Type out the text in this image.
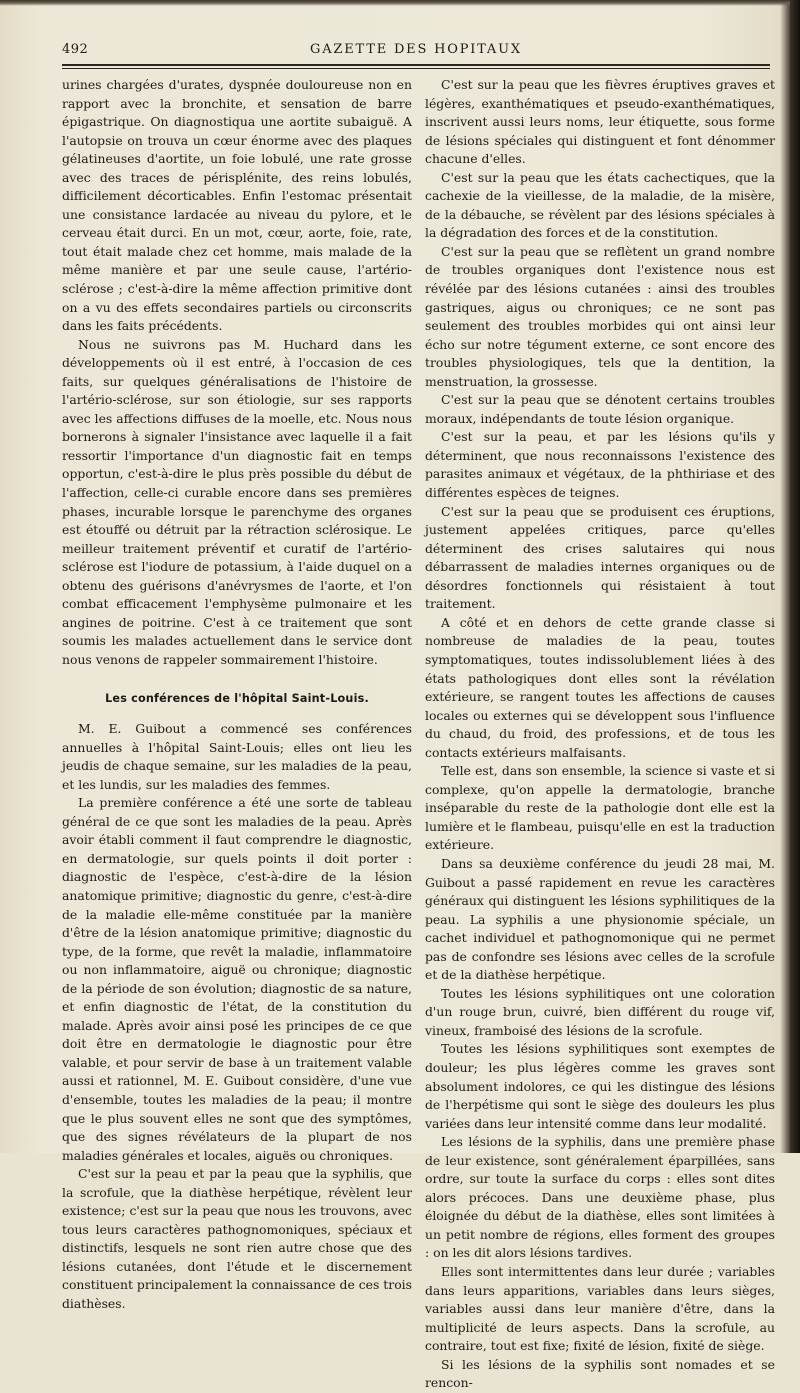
492	GAZETTE DES HOPITAUX

urines chargées d'urates, dyspnée douloureuse non en rapport avec la bronchite, et sensation de barre épigastrique. On diagnostiqua une aortite subaiguë. A l'autopsie on trouva un cœur énorme avec des plaques gélatineuses d'aortite, un foie lobulé, une rate grosse avec des traces de périsplénite, des reins lobulés, difficilement décorticables. Enfin l'estomac présentait une consistance lardacée au niveau du pylore, et le cerveau était durci. En un mot, cœur, aorte, foie, rate, tout était malade chez cet homme, mais malade de la même manière et par une seule cause, l'artério-sclérose ; c'est-à-dire la même affection primitive dont on a vu des effets secondaires partiels ou circonscrits dans les faits précédents.

Nous ne suivrons pas M. Huchard dans les développements où il est entré, à l'occasion de ces faits, sur quelques généralisations de l'histoire de l'artério-sclérose, sur son étiologie, sur ses rapports avec les affections diffuses de la moelle, etc. Nous nous bornerons à signaler l'insistance avec laquelle il a fait ressortir l'importance d'un diagnostic fait en temps opportun, c'est-à-dire le plus près possible du début de l'affection, celle-ci curable encore dans ses premières phases, incurable lorsque le parenchyme des organes est étouffé ou détruit par la rétraction sclérosique. Le meilleur traitement préventif et curatif de l'artério-sclérose est l'iodure de potassium, à l'aide duquel on a obtenu des guérisons d'anévrysmes de l'aorte, et l'on combat efficacement l'emphysème pulmonaire et les angines de poitrine. C'est à ce traitement que sont soumis les malades actuellement dans le service dont nous venons de rappeler sommairement l'histoire.

Les conférences de l'hôpital Saint-Louis.

M. E. Guibout a commencé ses conférences annuelles à l'hôpital Saint-Louis; elles ont lieu les jeudis de chaque semaine, sur les maladies de la peau, et les lundis, sur les maladies des femmes.

La première conférence a été une sorte de tableau général de ce que sont les maladies de la peau. Après avoir établi comment il faut comprendre le diagnostic, en dermatologie, sur quels points il doit porter : diagnostic de l'espèce, c'est-à-dire de la lésion anatomique primitive; diagnostic du genre, c'est-à-dire de la maladie elle-même constituée par la manière d'être de la lésion anatomique primitive; diagnostic du type, de la forme, que revêt la maladie, inflammatoire ou non inflammatoire, aiguë ou chronique; diagnostic de la période de son évolution; diagnostic de sa nature, et enfin diagnostic de l'état, de la constitution du malade. Après avoir ainsi posé les principes de ce que doit être en dermatologie le diagnostic pour être valable, et pour servir de base à un traitement valable aussi et rationnel, M. E. Guibout considère, d'une vue d'ensemble, toutes les maladies de la peau; il montre que le plus souvent elles ne sont que des symptômes, que des signes révélateurs de la plupart de nos maladies générales et locales, aiguës ou chroniques.

C'est sur la peau et par la peau que la syphilis, que la scrofule, que la diathèse herpétique, révèlent leur existence; c'est sur la peau que nous les trouvons, avec tous leurs caractères pathognomoniques, spéciaux et distinctifs, lesquels ne sont rien autre chose que des lésions cutanées, dont l'étude et le discernement constituent principalement la connaissance de ces trois diathèses.

C'est sur la peau que les fièvres éruptives graves et légères, exanthématiques et pseudo-exanthématiques, inscrivent aussi leurs noms, leur étiquette, sous forme de lésions spéciales qui distinguent et font dénommer chacune d'elles.

C'est sur la peau que les états cachectiques, que la cachexie de la vieillesse, de la maladie, de la misère, de la débauche, se révèlent par des lésions spéciales à la dégradation des forces et de la constitution.

C'est sur la peau que se reflètent un grand nombre de troubles organiques dont l'existence nous est révélée par des lésions cutanées : ainsi des troubles gastriques, aigus ou chroniques; ce ne sont pas seulement des troubles morbides qui ont ainsi leur écho sur notre tégument externe, ce sont encore des troubles physiologiques, tels que la dentition, la menstruation, la grossesse.

C'est sur la peau que se dénotent certains troubles moraux, indépendants de toute lésion organique.

C'est sur la peau, et par les lésions qu'ils y déterminent, que nous reconnaissons l'existence des parasites animaux et végétaux, de la phthiriase et des différentes espèces de teignes.

C'est sur la peau que se produisent ces éruptions, justement appelées critiques, parce qu'elles déterminent des crises salutaires qui nous débarrassent de maladies internes organiques ou de désordres fonctionnels qui résistaient à tout traitement.

A côté et en dehors de cette grande classe si nombreuse de maladies de la peau, toutes symptomatiques, toutes indissolublement liées à des états pathologiques dont elles sont la révélation extérieure, se rangent toutes les affections de causes locales ou externes qui se développent sous l'influence du chaud, du froid, des professions, et de tous les contacts extérieurs malfaisants.

Telle est, dans son ensemble, la science si vaste et si complexe, qu'on appelle la dermatologie, branche inséparable du reste de la pathologie dont elle est la lumière et le flambeau, puisqu'elle en est la traduction extérieure.

Dans sa deuxième conférence du jeudi 28 mai, M. Guibout a passé rapidement en revue les caractères généraux qui distinguent les lésions syphilitiques de la peau. La syphilis a une physionomie spéciale, un cachet individuel et pathognomonique qui ne permet pas de confondre ses lésions avec celles de la scrofule et de la diathèse herpétique.

Toutes les lésions syphilitiques ont une coloration d'un rouge brun, cuivré, bien différent du rouge vif, vineux, framboisé des lésions de la scrofule.

Toutes les lésions syphilitiques sont exemptes de douleur; les plus légères comme les graves sont absolument indolores, ce qui les distingue des lésions de l'herpétisme qui sont le siège des douleurs les plus variées dans leur intensité comme dans leur modalité.

Les lésions de la syphilis, dans une première phase de leur existence, sont généralement éparpillées, sans ordre, sur toute la surface du corps : elles sont dites alors précoces. Dans une deuxième phase, plus éloignée du début de la diathèse, elles sont limitées à un petit nombre de régions, elles forment des groupes : on les dit alors lésions tardives.

Elles sont intermittentes dans leur durée ; variables dans leurs apparitions, variables dans leurs sièges, variables aussi dans leur manière d'être, dans la multiplicité de leurs aspects. Dans la scrofule, au contraire, tout est fixe; fixité de lésion, fixité de siège.

Si les lésions de la syphilis sont nomades et se rencon-
